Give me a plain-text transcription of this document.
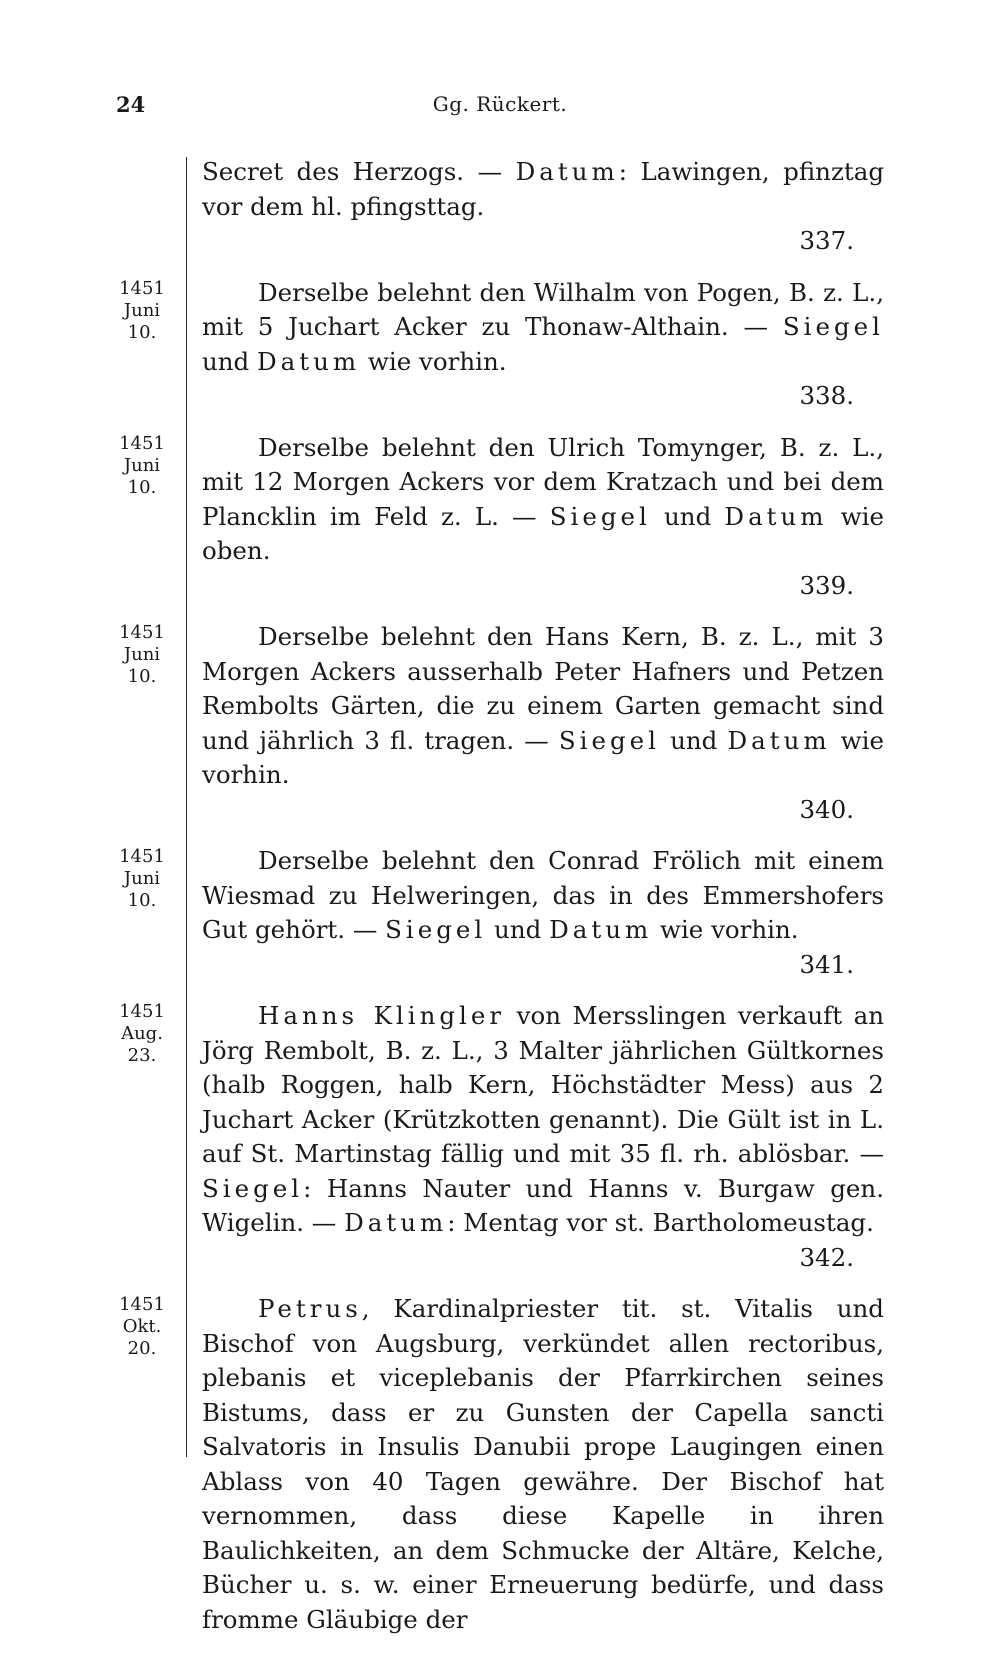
24	Gg. Rückert.

Secret des Herzogs. — Datum: Lawingen, pfinztag vor dem hl. pfingsttag.

337.

Derselbe belehnt den Wilhalm von Pogen, B. z. L., mit 5 Juchart Acker zu Thonaw-Althain. — Siegel und Datum wie vorhin.

338.

Derselbe belehnt den Ulrich Tomynger, B. z. L., mit 12 Morgen Ackers vor dem Kratzach und bei dem Plancklin im Feld z. L. — Siegel und Datum wie oben.

339.

Derselbe belehnt den Hans Kern, B. z. L., mit 3 Morgen Ackers ausserhalb Peter Hafners und Petzen Rembolts Gärten, die zu einem Garten gemacht sind und jährlich 3 fl. tragen. — Siegel und Datum wie vorhin.

340.

Derselbe belehnt den Conrad Frölich mit einem Wiesmad zu Helweringen, das in des Emmershofers Gut gehört. — Siegel und Datum wie vorhin.

341.

Hanns Klingler von Mersslingen verkauft an Jörg Rembolt, B. z. L., 3 Malter jährlichen Gültkornes (halb Roggen, halb Kern, Höchstädter Mess) aus 2 Juchart Acker (Krützkotten genannt). Die Gült ist in L. auf St. Martinstag fällig und mit 35 fl. rh. ablösbar. — Siegel: Hanns Nauter und Hanns v. Burgaw gen. Wigelin. — Datum: Mentag vor st. Bartholomeustag.

342.

Petrus, Kardinalpriester tit. st. Vitalis und Bischof von Augsburg, verkündet allen rectoribus, plebanis et viceplebanis der Pfarrkirchen seines Bistums, dass er zu Gunsten der Capella sancti Salvatoris in Insulis Danubii prope Laugingen einen Ablass von 40 Tagen gewähre. Der Bischof hat vernommen, dass diese Kapelle in ihren Baulichkeiten, an dem Schmucke der Altäre, Kelche, Bücher u. s. w. einer Erneuerung bedürfe, und dass fromme Gläubige der

1451
Juni
10.
1451
Juni
10.
1451
Juni
10.
1451
Juni
10.
1451
Aug.
23.
1451
Okt.
20.
